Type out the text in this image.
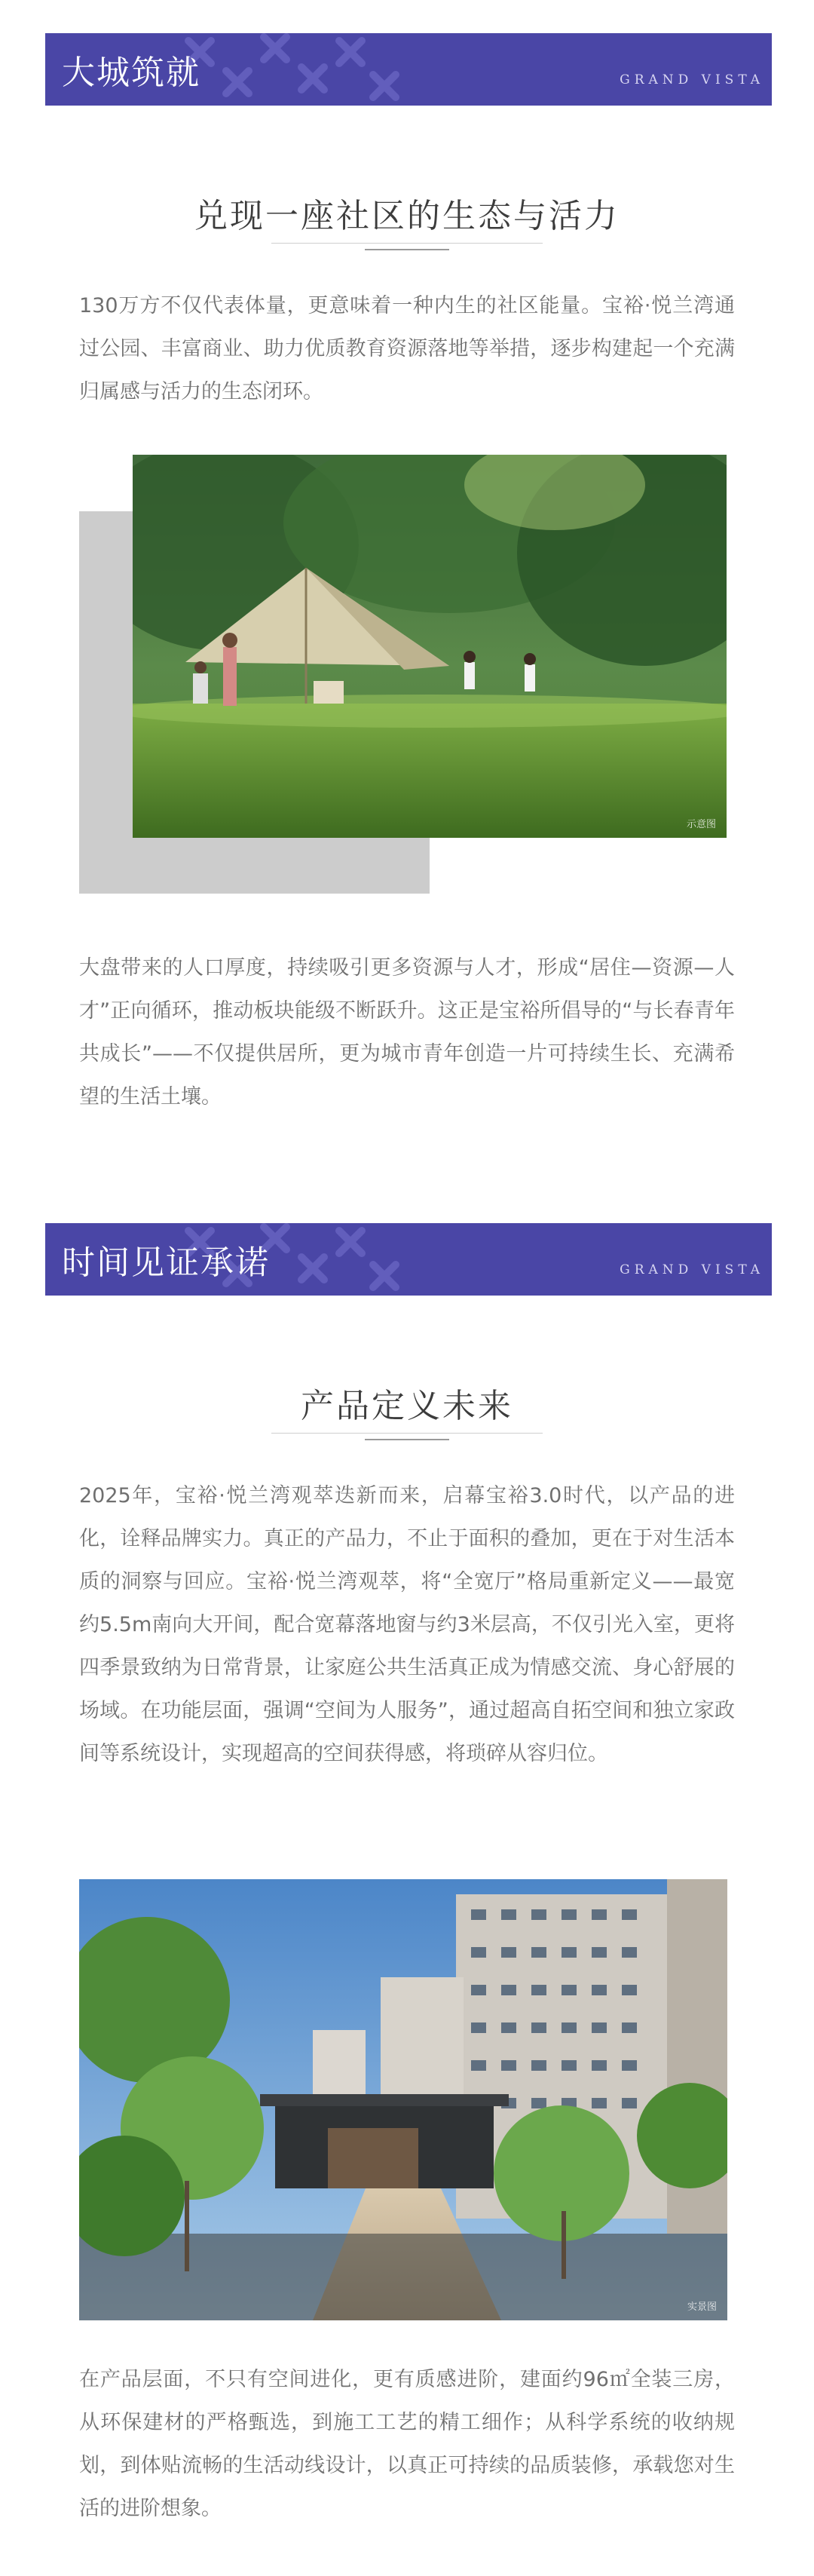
大城筑就	GRAND VISTA
兑现一座社区的生态与活力
130万方不仅代表体量，更意味着一种内生的社区能量。宝裕·悦兰湾通过公园、丰富商业、助力优质教育资源落地等举措，逐步构建起一个充满归属感与活力的生态闭环。
示意图
大盘带来的人口厚度，持续吸引更多资源与人才，形成“居住—资源—人才”正向循环，推动板块能级不断跃升。这正是宝裕所倡导的“与长春青年共成长”——不仅提供居所，更为城市青年创造一片可持续生长、充满希望的生活土壤。
时间见证承诺	GRAND VISTA
产品定义未来
2025年，宝裕·悦兰湾观萃迭新而来，启幕宝裕3.0时代，以产品的进化，诠释品牌实力。真正的产品力，不止于面积的叠加，更在于对生活本质的洞察与回应。宝裕·悦兰湾观萃，将“全宽厅”格局重新定义——最宽约5.5m南向大开间，配合宽幕落地窗与约3米层高，不仅引光入室，更将四季景致纳为日常背景，让家庭公共生活真正成为情感交流、身心舒展的场域。在功能层面，强调“空间为人服务”，通过超高自拓空间和独立家政间等系统设计，实现超高的空间获得感，将琐碎从容归位。
实景图
在产品层面，不只有空间进化，更有质感进阶，建面约96㎡全装三房，从环保建材的严格甄选，到施工工艺的精工细作；从科学系统的收纳规划，到体贴流畅的生活动线设计，以真正可持续的品质装修，承载您对生活的进阶想象。
